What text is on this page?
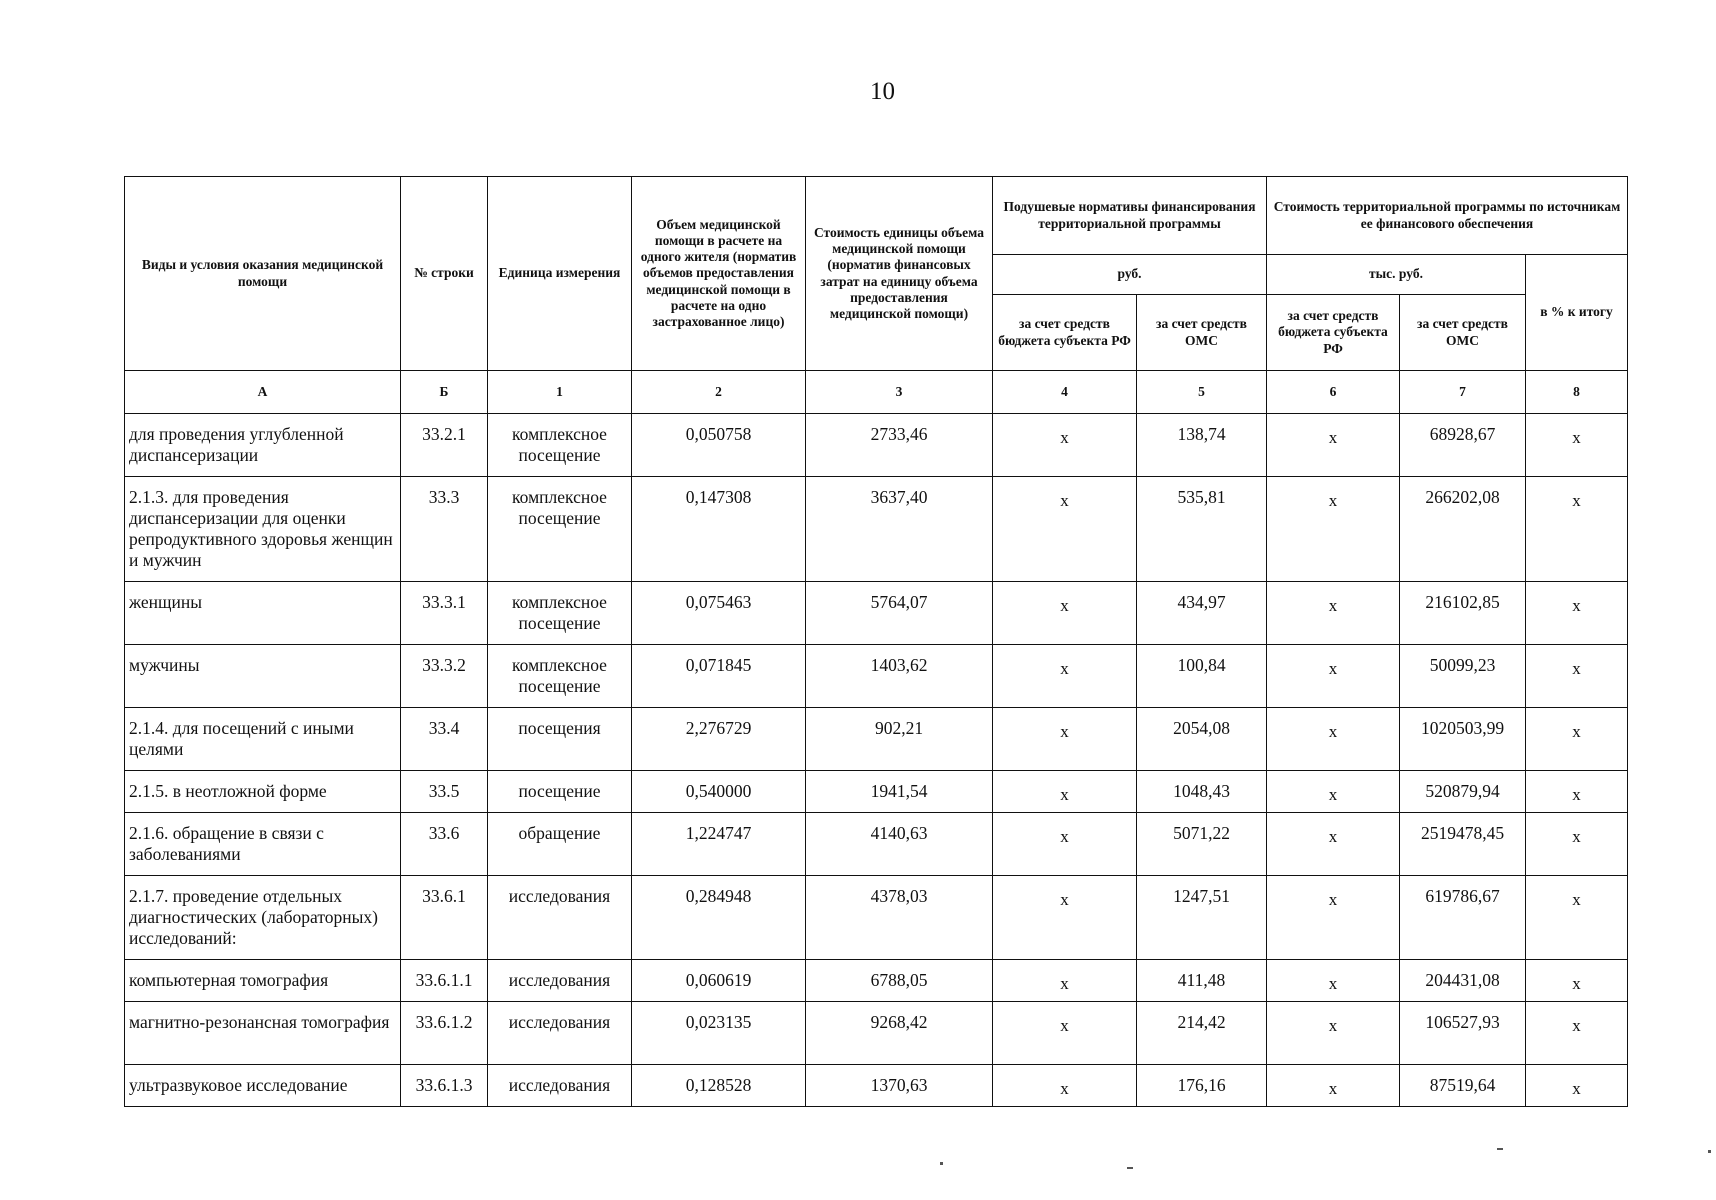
10
Виды и условия оказания медицинской помощи	№ строки	Единица измерения	Объем медицинской помощи в расчете на одного жителя (норматив объемов предоставления медицинской помощи в расчете на одно застрахованное лицо)	Стоимость единицы объема медицинской помощи (норматив финансовых затрат на единицу объема предоставления медицинской помощи)	Подушевые нормативы финансирования территориальной программы		Стоимость территориальной программы по источникам ее финансового обеспечения		
					руб.		тыс. руб.		в % к итогу
					за счет средств бюджета субъекта РФ	за счет средств ОМС	за счет средств бюджета субъекта РФ	за счет средств ОМС	
А	Б	1	2	3	4	5	6	7	8
для проведения углубленной диспансеризации	33.2.1	комплексное посещение	0,050758	2733,46	х	138,74	х	68928,67	х
2.1.3. для проведения диспансеризации для оценки репродуктивного здоровья женщин и мужчин	33.3	комплексное посещение	0,147308	3637,40	х	535,81	х	266202,08	х
женщины	33.3.1	комплексное посещение	0,075463	5764,07	х	434,97	х	216102,85	х
мужчины	33.3.2	комплексное посещение	0,071845	1403,62	х	100,84	х	50099,23	х
2.1.4. для посещений с иными целями	33.4	посещения	2,276729	902,21	х	2054,08	х	1020503,99	х
2.1.5. в неотложной форме	33.5	посещение	0,540000	1941,54	х	1048,43	х	520879,94	х
2.1.6. обращение в связи с заболеваниями	33.6	обращение	1,224747	4140,63	х	5071,22	х	2519478,45	х
2.1.7. проведение отдельных диагностических (лабораторных) исследований:	33.6.1	исследования	0,284948	4378,03	х	1247,51	х	619786,67	х
компьютерная томография	33.6.1.1	исследования	0,060619	6788,05	х	411,48	х	204431,08	х
магнитно-резонансная томография	33.6.1.2	исследования	0,023135	9268,42	х	214,42	х	106527,93	х
ультразвуковое исследование	33.6.1.3	исследования	0,128528	1370,63	х	176,16	х	87519,64	х
